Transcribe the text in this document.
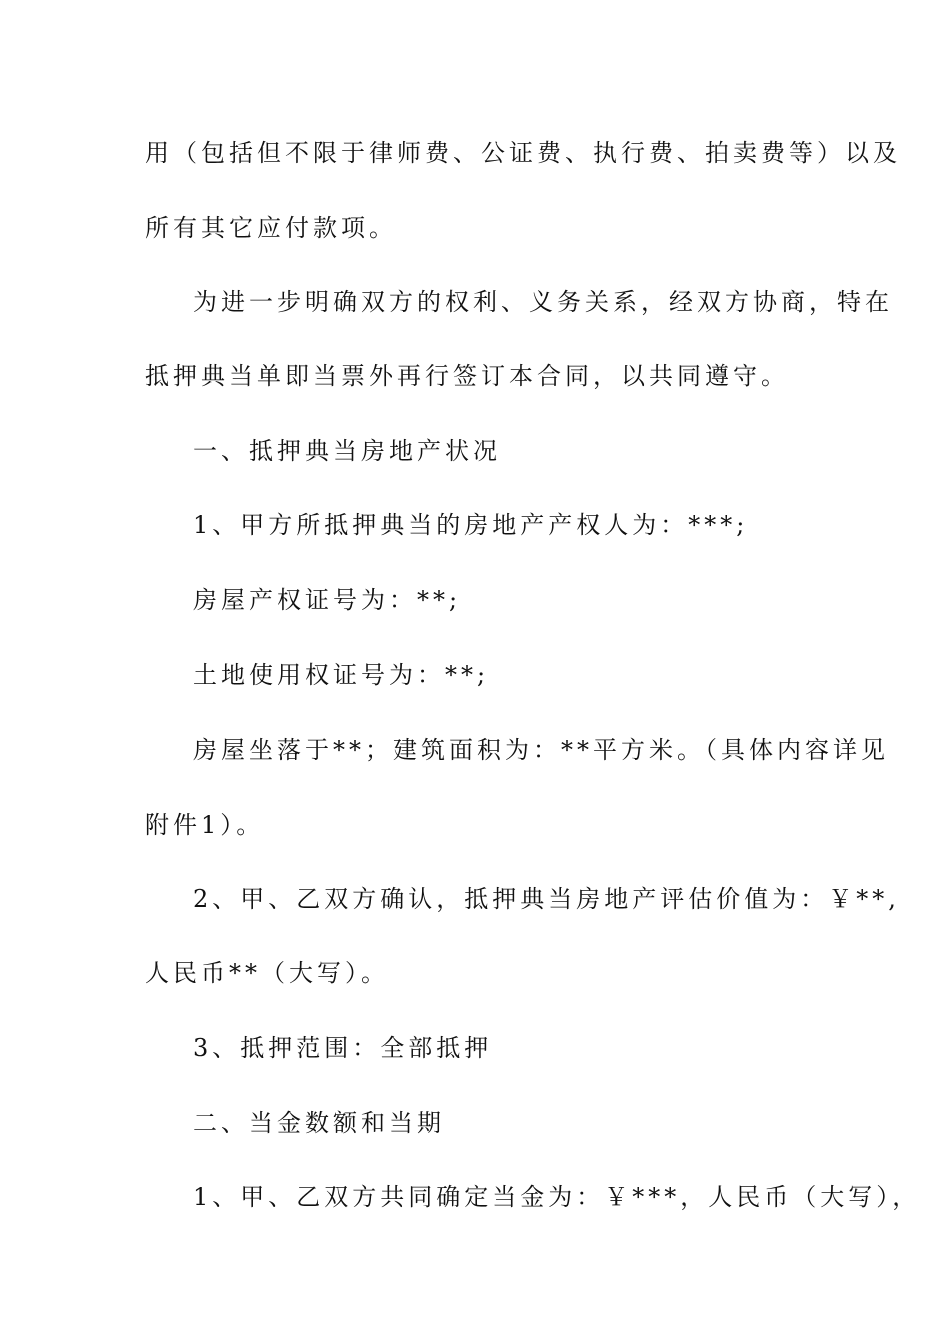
用（包括但不限于律师费、公证费、执行费、拍卖费等）以及
所有其它应付款项。
为进一步明确双方的权利、义务关系，经双方协商，特在
抵押典当单即当票外再行签订本合同，以共同遵守。
一、抵押典当房地产状况
1、甲方所抵押典当的房地产产权人为：***;
房屋产权证号为：**;
土地使用权证号为：**;
房屋坐落于**；建筑面积为：**平方米。（具体内容详见
附件1）。
2、甲、乙双方确认，抵押典当房地产评估价值为：￥**,
人民币**（大写）。
3、抵押范围：全部抵押
二、当金数额和当期
1、甲、乙双方共同确定当金为：￥***，人民币（大写），
